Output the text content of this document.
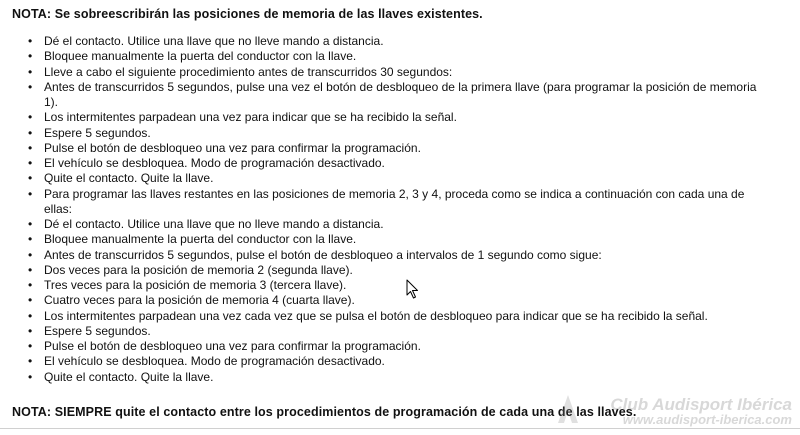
NOTA: Se sobreescribirán las posiciones de memoria de las llaves existentes.
• Dé el contacto. Utilice una llave que no lleve mando a distancia.
• Bloquee manualmente la puerta del conductor con la llave.
• Lleve a cabo el siguiente procedimiento antes de transcurridos 30 segundos:
• Antes de transcurridos 5 segundos, pulse una vez el botón de desbloqueo de la primera llave (para programar la posición de memoria 1).
• Los intermitentes parpadean una vez para indicar que se ha recibido la señal.
• Espere 5 segundos.
• Pulse el botón de desbloqueo una vez para confirmar la programación.
• El vehículo se desbloquea. Modo de programación desactivado.
• Quite el contacto. Quite la llave.
• Para programar las llaves restantes en las posiciones de memoria 2, 3 y 4, proceda como se indica a continuación con cada una de ellas:
• Dé el contacto. Utilice una llave que no lleve mando a distancia.
• Bloquee manualmente la puerta del conductor con la llave.
• Antes de transcurridos 5 segundos, pulse el botón de desbloqueo a intervalos de 1 segundo como sigue:
• Dos veces para la posición de memoria 2 (segunda llave).
• Tres veces para la posición de memoria 3 (tercera llave).
• Cuatro veces para la posición de memoria 4 (cuarta llave).
• Los intermitentes parpadean una vez cada vez que se pulsa el botón de desbloqueo para indicar que se ha recibido la señal.
• Espere 5 segundos.
• Pulse el botón de desbloqueo una vez para confirmar la programación.
• El vehículo se desbloquea. Modo de programación desactivado.
• Quite el contacto. Quite la llave.
NOTA: SIEMPRE quite el contacto entre los procedimientos de programación de cada una de las llaves.
Club Audisport Ibérica
www.audisport-iberica.com
